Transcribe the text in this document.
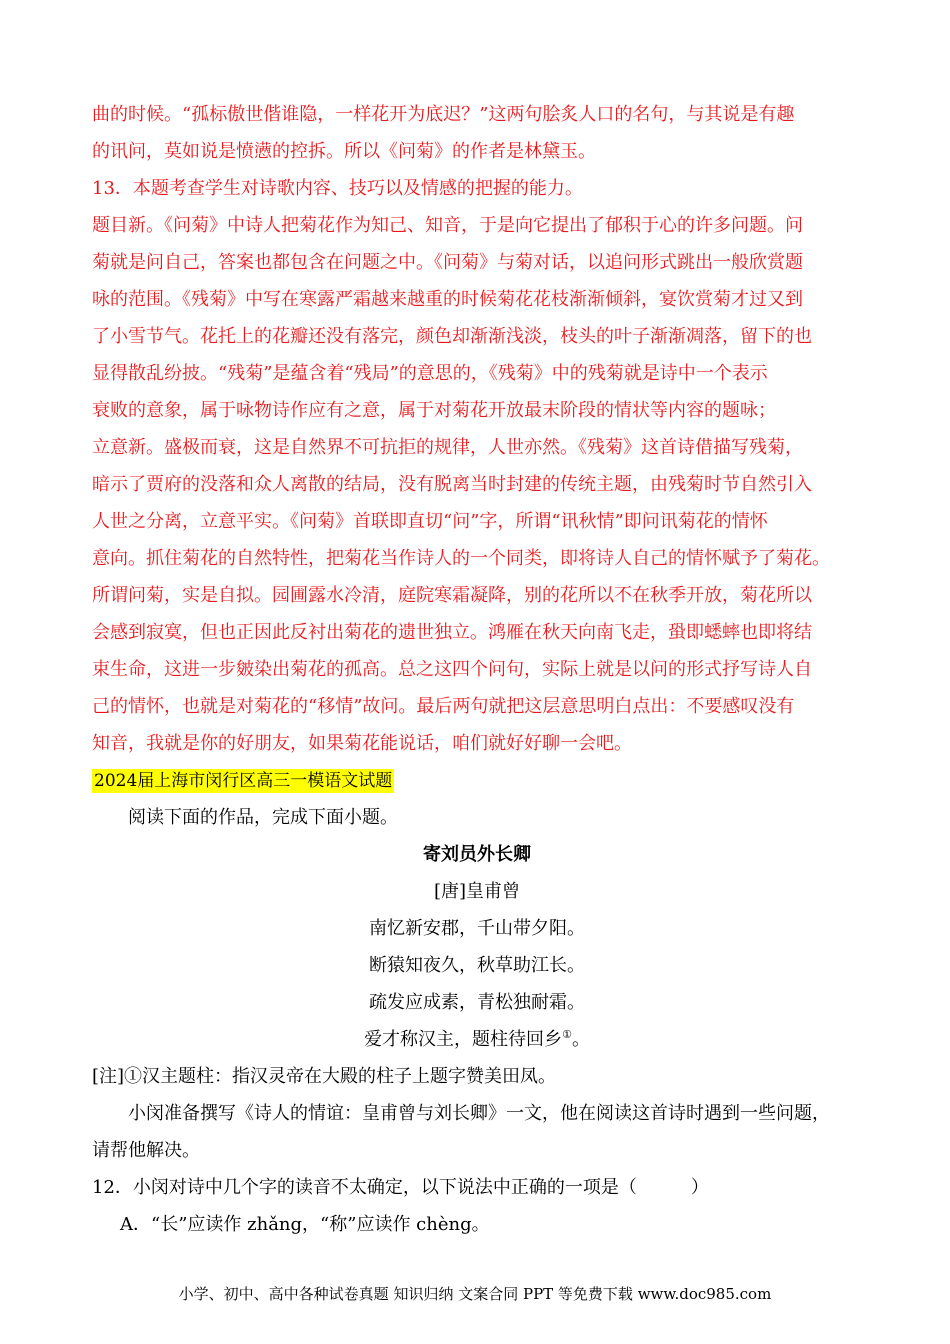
曲的时候。“孤标傲世偕谁隐，一样花开为底迟？”这两句脍炙人口的名句，与其说是有趣
的讯问，莫如说是愤懑的控拆。所以《问菊》的作者是林黛玉。
13．本题考查学生对诗歌内容、技巧以及情感的把握的能力。
题目新。《问菊》中诗人把菊花作为知己、知音，于是向它提出了郁积于心的许多问题。问
菊就是问自己，答案也都包含在问题之中。《问菊》与菊对话，以追问形式跳出一般欣赏题
咏的范围。《残菊》中写在寒露严霜越来越重的时候菊花花枝渐渐倾斜，宴饮赏菊才过又到
了小雪节气。花托上的花瓣还没有落完，颜色却渐渐浅淡，枝头的叶子渐渐凋落，留下的也
显得散乱纷披。“残菊”是蕴含着“残局”的意思的，《残菊》中的残菊就是诗中一个表示
衰败的意象，属于咏物诗作应有之意，属于对菊花开放最末阶段的情状等内容的题咏；
立意新。盛极而衰，这是自然界不可抗拒的规律，人世亦然。《残菊》这首诗借描写残菊，
暗示了贾府的没落和众人离散的结局，没有脱离当时封建的传统主题，由残菊时节自然引入
人世之分离，立意平实。《问菊》首联即直切“问”字，所谓“讯秋情”即问讯菊花的情怀
意向。抓住菊花的自然特性，把菊花当作诗人的一个同类，即将诗人自己的情怀赋予了菊花。
所谓问菊，实是自拟。园圃露水冷清，庭院寒霜凝降，别的花所以不在秋季开放，菊花所以
会感到寂寞，但也正因此反衬出菊花的遗世独立。鸿雁在秋天向南飞走，蛩即蟋蟀也即将结
束生命，这进一步皴染出菊花的孤高。总之这四个问句，实际上就是以问的形式抒写诗人自
己的情怀，也就是对菊花的“移情”故问。最后两句就把这层意思明白点出：不要感叹没有
知音，我就是你的好朋友，如果菊花能说话，咱们就好好聊一会吧。
2024届上海市闵行区高三一模语文试题
阅读下面的作品，完成下面小题。
寄刘员外长卿
[唐]皇甫曾
南忆新安郡，千山带夕阳。
断猿知夜久，秋草助江长。
疏发应成素，青松独耐霜。
爱才称汉主，题柱待回乡①。
[注]①汉主题柱：指汉灵帝在大殿的柱子上题字赞美田凤。
小闵准备撰写《诗人的情谊：皇甫曾与刘长卿》一文，他在阅读这首诗时遇到一些问题，
请帮他解决。
12．小闵对诗中几个字的读音不太确定，以下说法中正确的一项是（　　　）
A．“长”应读作 zhǎng，“称”应读作 chèng。
小学、初中、高中各种试卷真题 知识归纳 文案合同 PPT 等免费下载 www.doc985.com
